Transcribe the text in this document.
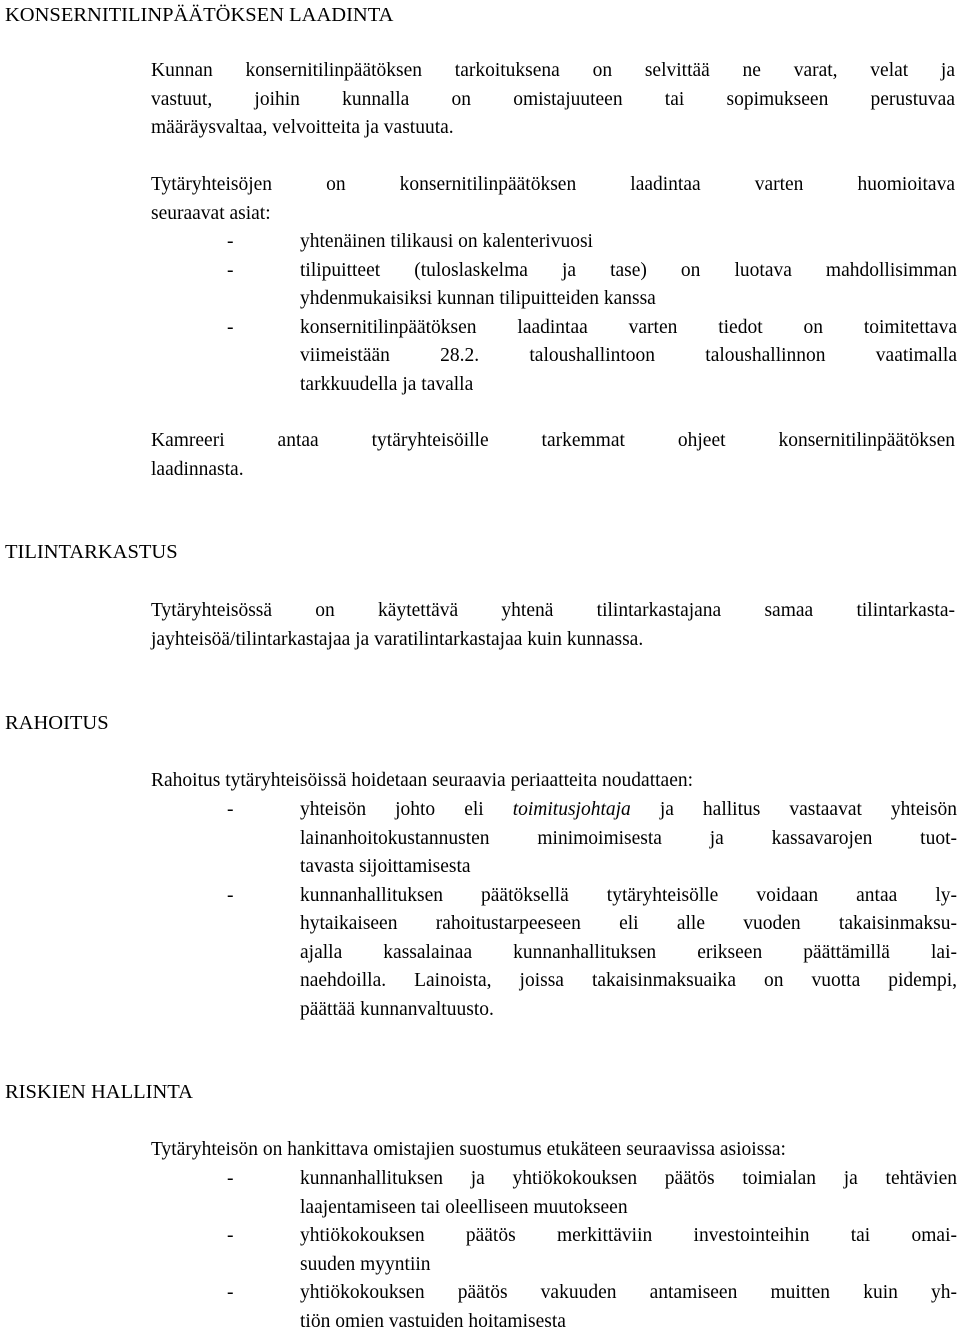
KONSERNITILINPÄÄTÖKSEN LAADINTA
Kunnan konsernitilinpäätöksen tarkoituksena on selvittää ne varat, velat ja
vastuut, joihin kunnalla on omistajuuteen tai sopimukseen perustuvaa
määräysvaltaa, velvoitteita ja vastuuta.
Tytäryhteisöjen on konsernitilinpäätöksen laadintaa varten huomioitava
seuraavat asiat:
-	yhtenäinen tilikausi on kalenterivuosi
-	tilipuitteet (tuloslaskelma ja tase) on luotava mahdollisimman
yhdenmukaisiksi kunnan tilipuitteiden kanssa
-	konsernitilinpäätöksen laadintaa varten tiedot on toimitettava
viimeistään 28.2. taloushallintoon taloushallinnon vaatimalla
tarkkuudella ja tavalla
Kamreeri antaa tytäryhteisöille tarkemmat ohjeet konsernitilinpäätöksen
laadinnasta.
TILINTARKASTUS
Tytäryhteisössä on käytettävä yhtenä tilintarkastajana samaa tilintarkasta-
jayhteisöä/tilintarkastajaa ja varatilintarkastajaa kuin kunnassa.
RAHOITUS
Rahoitus tytäryhteisöissä hoidetaan seuraavia periaatteita noudattaen:
-	yhteisön johto eli toimitusjohtaja ja hallitus vastaavat yhteisön
lainanhoitokustannusten minimoimisesta ja kassavarojen tuot-
tavasta sijoittamisesta
-	kunnanhallituksen päätöksellä tytäryhteisölle voidaan antaa ly-
hytaikaiseen rahoitustarpeeseen eli alle vuoden takaisinmaksu-
ajalla kassalainaa kunnanhallituksen erikseen päättämillä lai-
naehdoilla. Lainoista, joissa takaisinmaksuaika on vuotta pidempi,
päättää kunnanvaltuusto.
RISKIEN HALLINTA
Tytäryhteisön on hankittava omistajien suostumus etukäteen seuraavissa asioissa:
-	kunnanhallituksen ja yhtiökokouksen päätös toimialan ja tehtävien
laajentamiseen tai oleelliseen muutokseen
-	yhtiökokouksen päätös merkittäviin investointeihin tai omai-
suuden myyntiin
-	yhtiökokouksen päätös vakuuden antamiseen muitten kuin yh-
tiön omien vastuiden hoitamisesta
